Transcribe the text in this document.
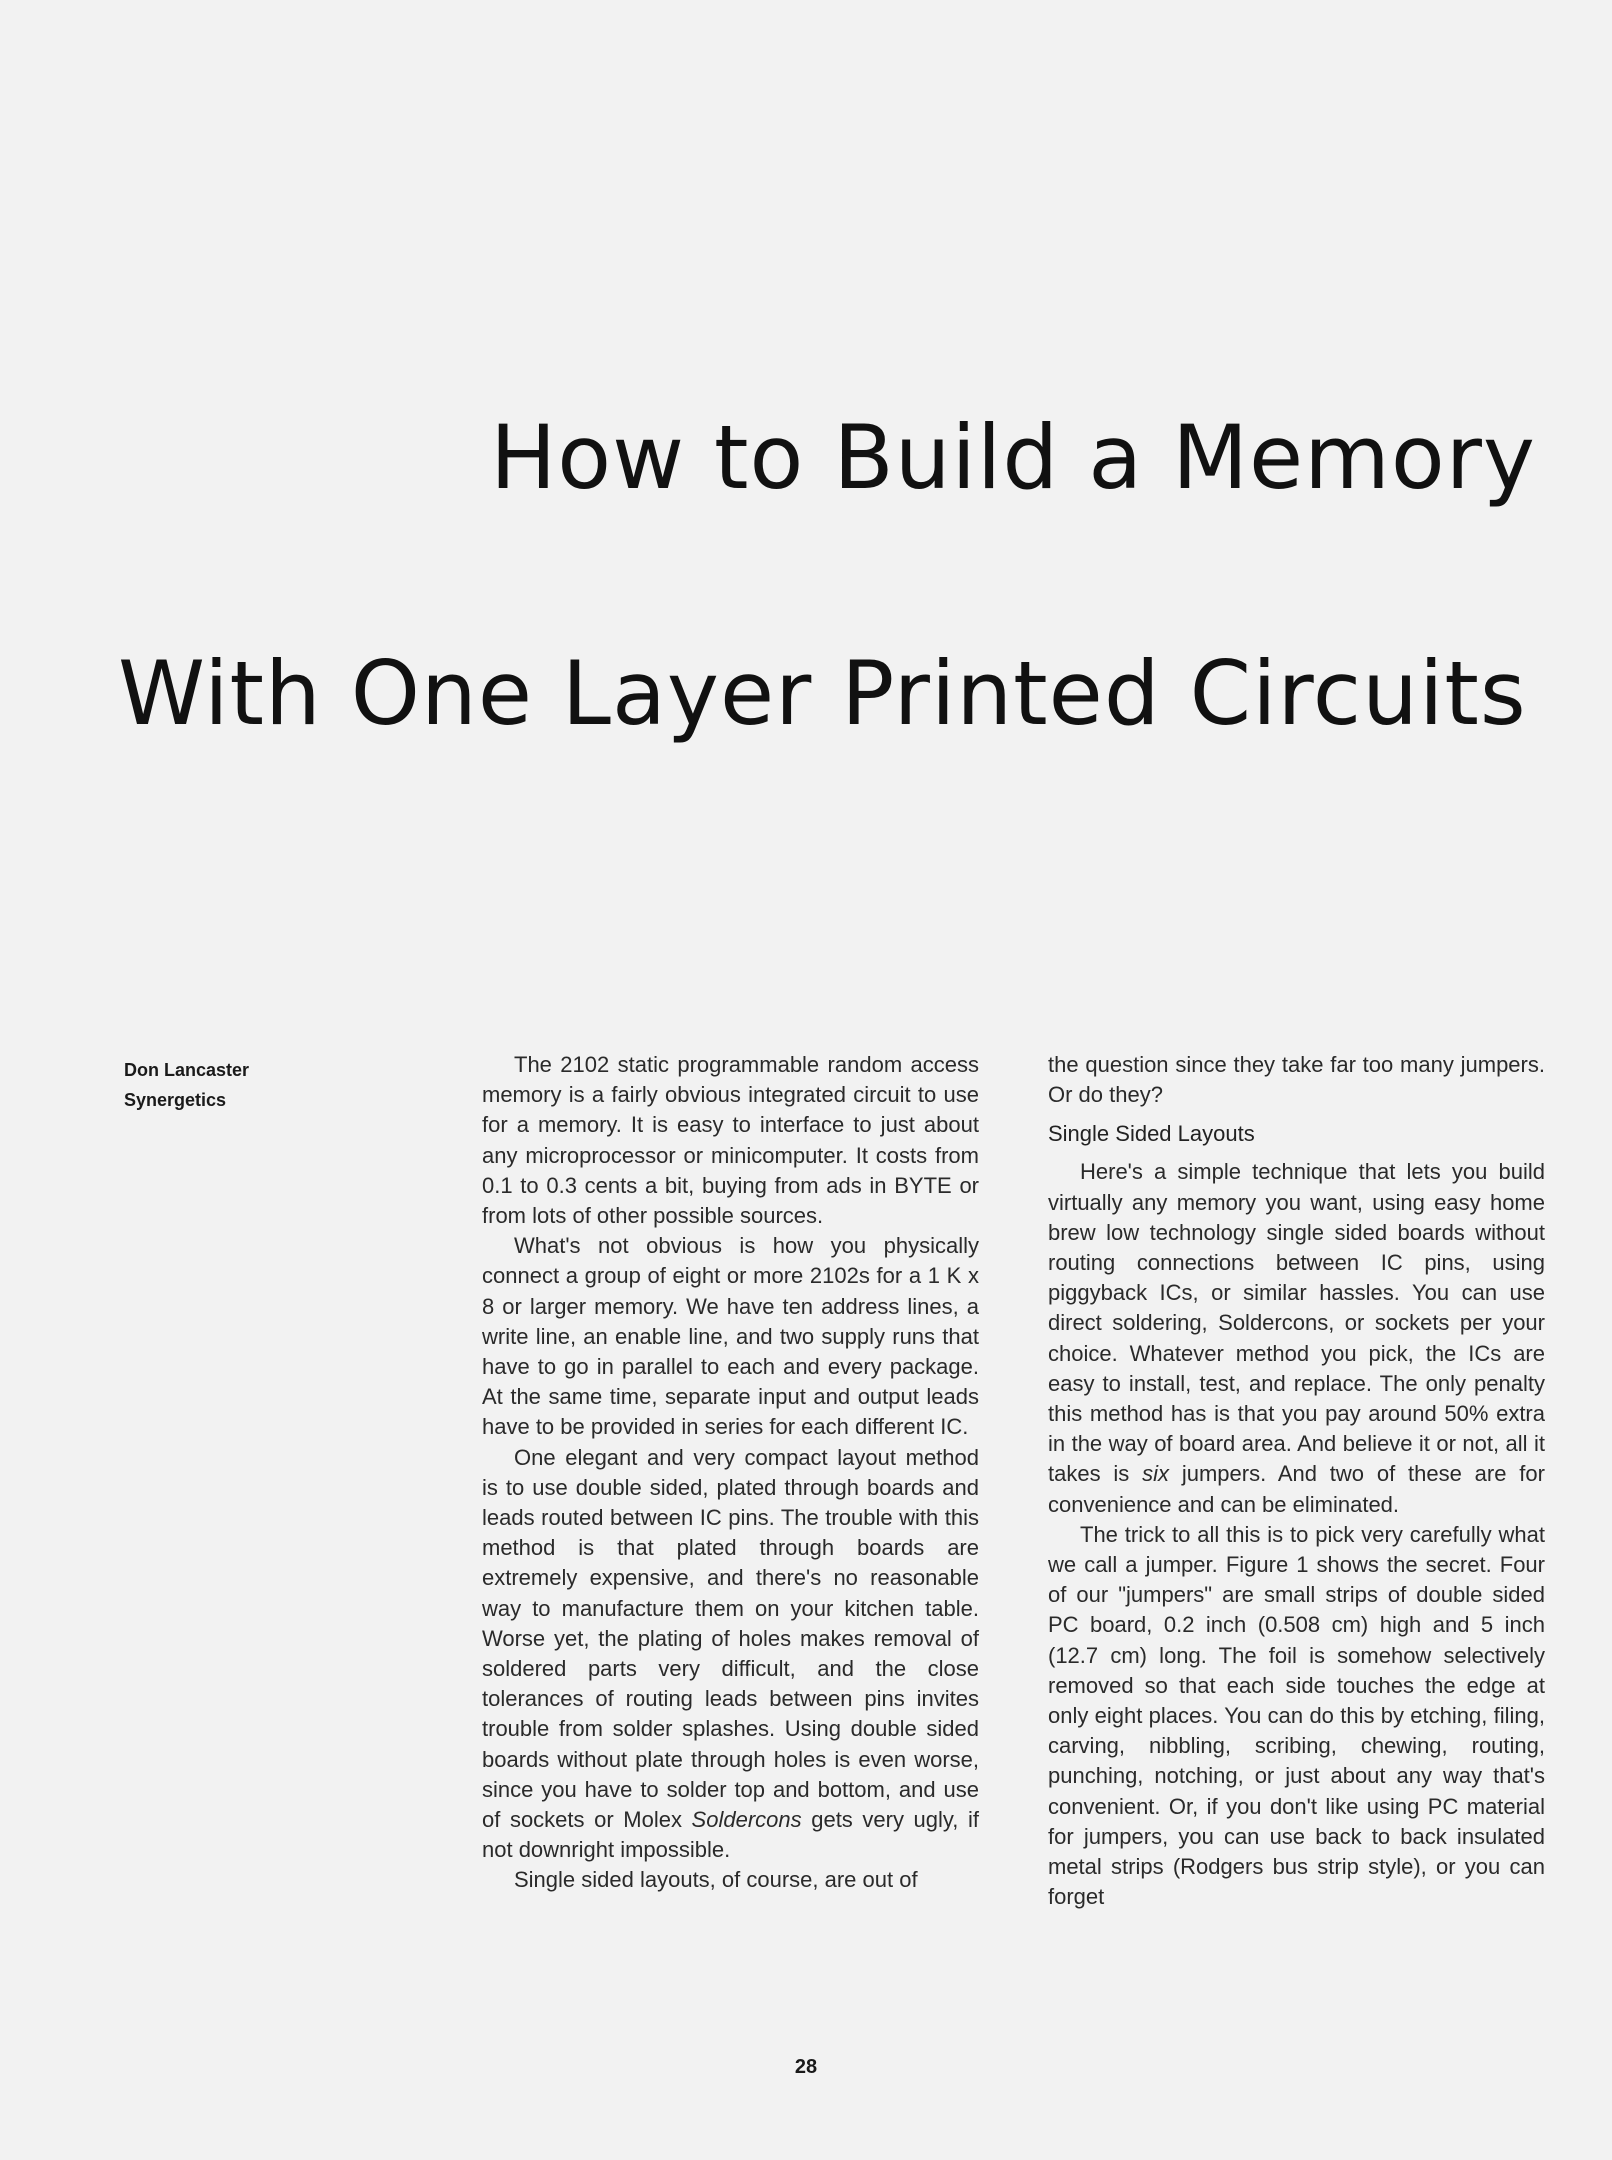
How to Build a Memory
With One Layer Printed Circuits
Don Lancaster
Synergetics

The 2102 static programmable random access memory is a fairly obvious integrated circuit to use for a memory. It is easy to interface to just about any microprocessor or minicomputer. It costs from 0.1 to 0.3 cents a bit, buying from ads in BYTE or from lots of other possible sources.

What's not obvious is how you physically connect a group of eight or more 2102s for a 1 K x 8 or larger memory. We have ten address lines, a write line, an enable line, and two supply runs that have to go in parallel to each and every package. At the same time, separate input and output leads have to be provided in series for each different IC.

One elegant and very compact layout method is to use double sided, plated through boards and leads routed between IC pins. The trouble with this method is that plated through boards are extremely expensive, and there's no reasonable way to manufacture them on your kitchen table. Worse yet, the plating of holes makes removal of soldered parts very difficult, and the close tolerances of routing leads between pins invites trouble from solder splashes. Using double sided boards without plate through holes is even worse, since you have to solder top and bottom, and use of sockets or Molex Soldercons gets very ugly, if not downright impossible.

Single sided layouts, of course, are out of

the question since they take far too many jumpers. Or do they?

Single Sided Layouts

Here's a simple technique that lets you build virtually any memory you want, using easy home brew low technology single sided boards without routing connections between IC pins, using piggyback ICs, or similar hassles. You can use direct soldering, Soldercons, or sockets per your choice. Whatever method you pick, the ICs are easy to install, test, and replace. The only penalty this method has is that you pay around 50% extra in the way of board area. And believe it or not, all it takes is six jumpers. And two of these are for convenience and can be eliminated.

The trick to all this is to pick very carefully what we call a jumper. Figure 1 shows the secret. Four of our "jumpers" are small strips of double sided PC board, 0.2 inch (0.508 cm) high and 5 inch (12.7 cm) long. The foil is somehow selectively removed so that each side touches the edge at only eight places. You can do this by etching, filing, carving, nibbling, scribing, chewing, routing, punching, notching, or just about any way that's convenient. Or, if you don't like using PC material for jumpers, you can use back to back insulated metal strips (Rodgers bus strip style), or you can forget

28
